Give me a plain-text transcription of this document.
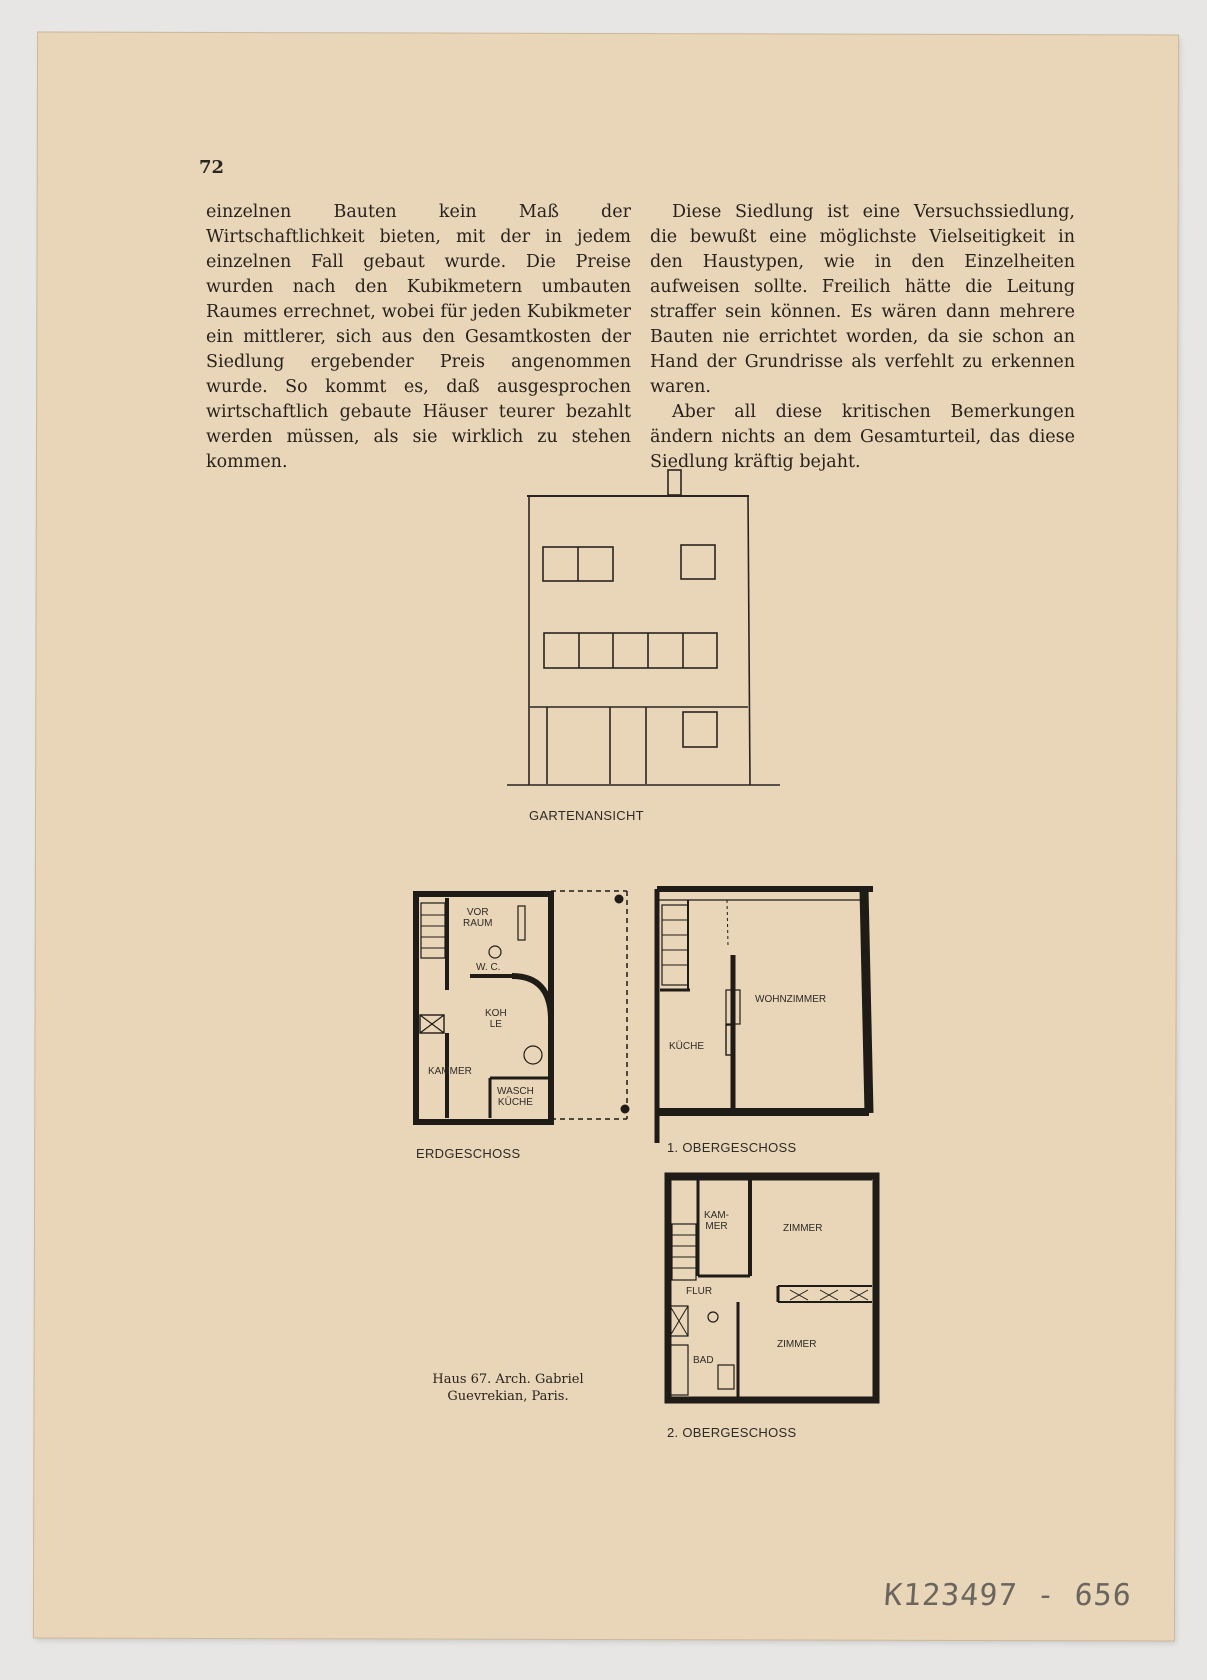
72

einzelnen Bauten kein Maß der Wirtschaftlichkeit bieten, mit der in jedem einzelnen Fall gebaut wurde. Die Preise wurden nach den Kubikmetern umbauten Raumes errechnet, wobei für jeden Kubikmeter ein mittlerer, sich aus den Gesamtkosten der Siedlung ergebender Preis angenommen wurde. So kommt es, daß ausgesprochen wirtschaftlich gebaute Häuser teurer bezahlt werden müssen, als sie wirklich zu stehen kommen.

Diese Siedlung ist eine Versuchssiedlung, die bewußt eine möglichste Vielseitigkeit in den Haustypen, wie in den Einzelheiten aufweisen sollte. Freilich hätte die Leitung straffer sein können. Es wären dann mehrere Bauten nie errichtet worden, da sie schon an Hand der Grundrisse als verfehlt zu erkennen waren.

Aber all diese kritischen Bemerkungen ändern nichts an dem Gesamturteil, das diese Siedlung kräftig bejaht.

GARTENANSICHT
ERDGESCHOSS	1. OBERGESCHOSS
2. OBERGESCHOSS
VOR
RAUM
W. C.
KOH
LE
KAMMER
WASCH
KÜCHE
KÜCHE
WOHNZIMMER
KAM-
MER	ZIMMER
FLUR
ZIMMER
BAD
Haus 67. Arch. Gabriel
Guevrekian, Paris.
K123497 - 656
